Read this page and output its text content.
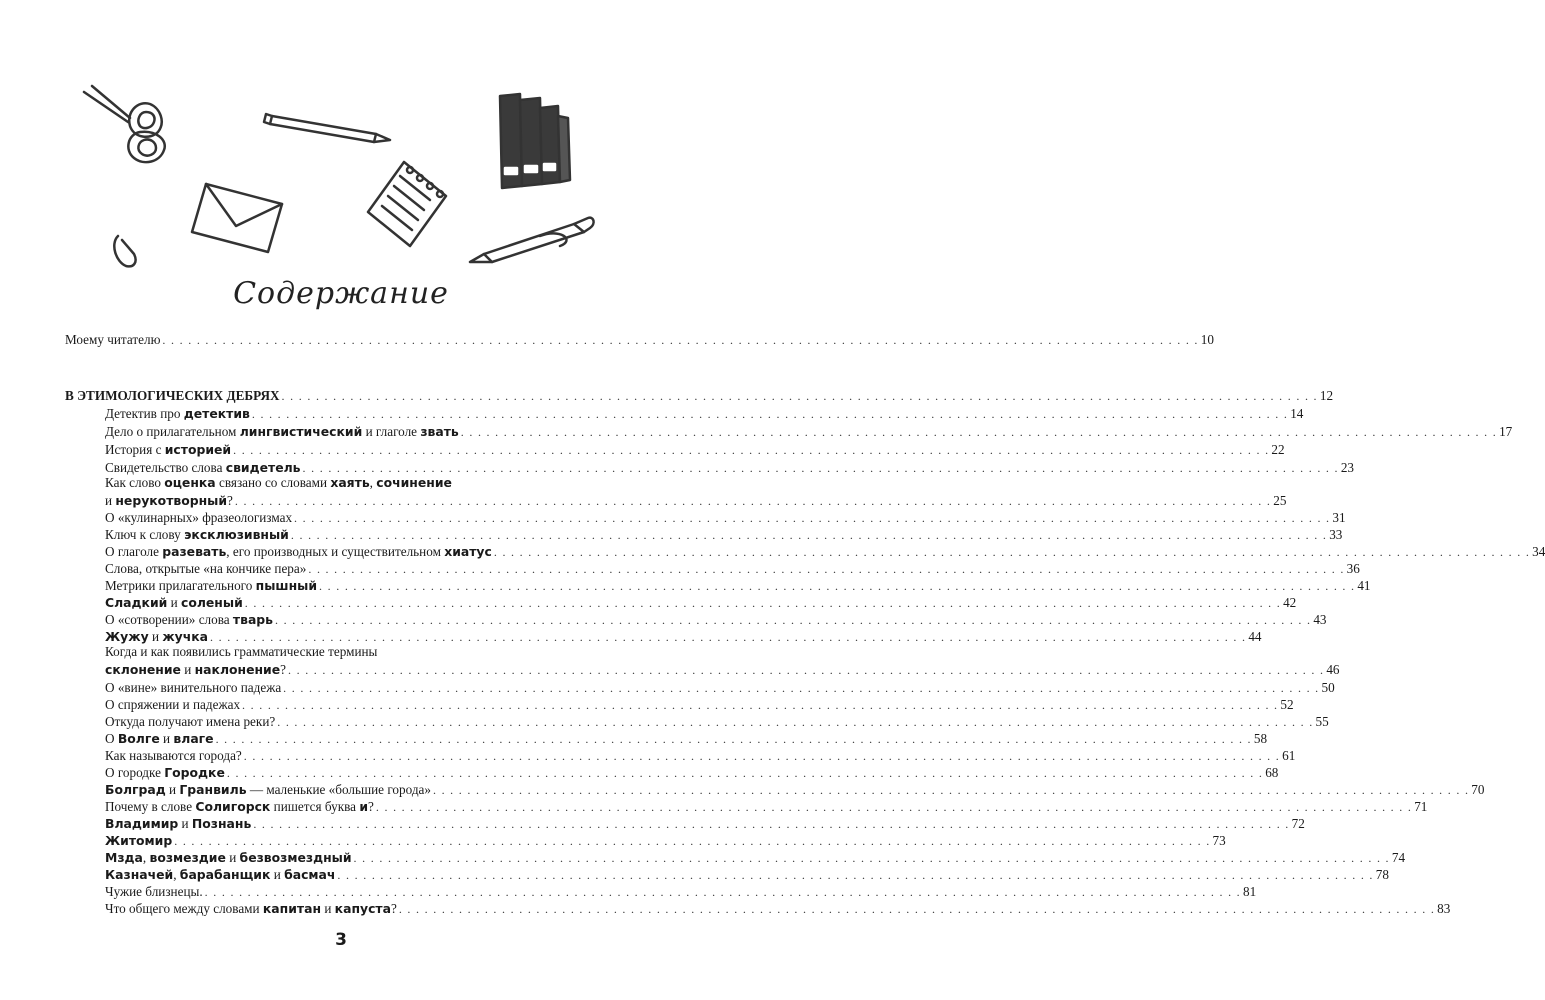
Содержание
Моему читателю . . . . . . . . . . . . . . . . . . . . . . . . . . . . . . . . . . . . . . . . . . . . . . . . . . . . . . . . . . . . . . . . . . . . . . . . . . . . . . . . . . . . . . . . . . . . . . . . . . . . . . . . . . . . . . . . . . . . . . . . . 10
В ЭТИМОЛОГИЧЕСКИХ ДЕБРЯХ . . . . . . . . . . . . . . . . . . . . . . . . . . . . . . . . . . . . . . . . . . . . . . . . . . . . . . . . . . . . . . . . . . . . . . . . . . . . . . . . . . . . . . . . . . . . . . . . . . . . . . . . . . . . . . . . . . . . . . . . . 12
Детектив про детектив . . . . . . . . . . . . . . . . . . . . . . . . . . . . . . . . . . . . . . . . . . . . . . . . . . . . . . . . . . . . . . . . . . . . . . . . . . . . . . . . . . . . . . . . . . . . . . . . . . . . . . . . . . . . . . . . . . . . . . . . . 14
Дело о прилагательном лингвистический и глаголе звать . . . . . . . . . . . . . . . . . . . . . . . . . . . . . . . . . . . . . . . . . . . . . . . . . . . . . . . . . . . . . . . . . . . . . . . . . . . . . . . . . . . . . . . . . . . . . . . . . . . . . . . . . . . . . . . . . . . . . . . . . 17
История с историей . . . . . . . . . . . . . . . . . . . . . . . . . . . . . . . . . . . . . . . . . . . . . . . . . . . . . . . . . . . . . . . . . . . . . . . . . . . . . . . . . . . . . . . . . . . . . . . . . . . . . . . . . . . . . . . . . . . . . . . . . 22
Свидетельство слова свидетель . . . . . . . . . . . . . . . . . . . . . . . . . . . . . . . . . . . . . . . . . . . . . . . . . . . . . . . . . . . . . . . . . . . . . . . . . . . . . . . . . . . . . . . . . . . . . . . . . . . . . . . . . . . . . . . . . . . . . . . . . 23
Как слово оценка связано со словами хаять, сочинение
и нерукотворный? . . . . . . . . . . . . . . . . . . . . . . . . . . . . . . . . . . . . . . . . . . . . . . . . . . . . . . . . . . . . . . . . . . . . . . . . . . . . . . . . . . . . . . . . . . . . . . . . . . . . . . . . . . . . . . . . . . . . . . . . . 25
О «кулинарных» фразеологизмах . . . . . . . . . . . . . . . . . . . . . . . . . . . . . . . . . . . . . . . . . . . . . . . . . . . . . . . . . . . . . . . . . . . . . . . . . . . . . . . . . . . . . . . . . . . . . . . . . . . . . . . . . . . . . . . . . . . . . . . . . 31
Ключ к слову эксклюзивный . . . . . . . . . . . . . . . . . . . . . . . . . . . . . . . . . . . . . . . . . . . . . . . . . . . . . . . . . . . . . . . . . . . . . . . . . . . . . . . . . . . . . . . . . . . . . . . . . . . . . . . . . . . . . . . . . . . . . . . . . 33
О глаголе разевать, его производных и существительном хиатус . . . . . . . . . . . . . . . . . . . . . . . . . . . . . . . . . . . . . . . . . . . . . . . . . . . . . . . . . . . . . . . . . . . . . . . . . . . . . . . . . . . . . . . . . . . . . . . . . . . . . . . . . . . . . . . . . . . . . . . . . 34
Слова, открытые «на кончике пера» . . . . . . . . . . . . . . . . . . . . . . . . . . . . . . . . . . . . . . . . . . . . . . . . . . . . . . . . . . . . . . . . . . . . . . . . . . . . . . . . . . . . . . . . . . . . . . . . . . . . . . . . . . . . . . . . . . . . . . . . . 36
Метрики прилагательного пышный . . . . . . . . . . . . . . . . . . . . . . . . . . . . . . . . . . . . . . . . . . . . . . . . . . . . . . . . . . . . . . . . . . . . . . . . . . . . . . . . . . . . . . . . . . . . . . . . . . . . . . . . . . . . . . . . . . . . . . . . . 41
Сладкий и соленый . . . . . . . . . . . . . . . . . . . . . . . . . . . . . . . . . . . . . . . . . . . . . . . . . . . . . . . . . . . . . . . . . . . . . . . . . . . . . . . . . . . . . . . . . . . . . . . . . . . . . . . . . . . . . . . . . . . . . . . . . 42
О «сотворении» слова тварь . . . . . . . . . . . . . . . . . . . . . . . . . . . . . . . . . . . . . . . . . . . . . . . . . . . . . . . . . . . . . . . . . . . . . . . . . . . . . . . . . . . . . . . . . . . . . . . . . . . . . . . . . . . . . . . . . . . . . . . . . 43
Жужу и жучка . . . . . . . . . . . . . . . . . . . . . . . . . . . . . . . . . . . . . . . . . . . . . . . . . . . . . . . . . . . . . . . . . . . . . . . . . . . . . . . . . . . . . . . . . . . . . . . . . . . . . . . . . . . . . . . . . . . . . . . . . 44
Когда и как появились грамматические термины
склонение и наклонение? . . . . . . . . . . . . . . . . . . . . . . . . . . . . . . . . . . . . . . . . . . . . . . . . . . . . . . . . . . . . . . . . . . . . . . . . . . . . . . . . . . . . . . . . . . . . . . . . . . . . . . . . . . . . . . . . . . . . . . . . . 46
О «вине» винительного падежа . . . . . . . . . . . . . . . . . . . . . . . . . . . . . . . . . . . . . . . . . . . . . . . . . . . . . . . . . . . . . . . . . . . . . . . . . . . . . . . . . . . . . . . . . . . . . . . . . . . . . . . . . . . . . . . . . . . . . . . . . 50
О спряжении и падежах . . . . . . . . . . . . . . . . . . . . . . . . . . . . . . . . . . . . . . . . . . . . . . . . . . . . . . . . . . . . . . . . . . . . . . . . . . . . . . . . . . . . . . . . . . . . . . . . . . . . . . . . . . . . . . . . . . . . . . . . . 52
Откуда получают имена реки? . . . . . . . . . . . . . . . . . . . . . . . . . . . . . . . . . . . . . . . . . . . . . . . . . . . . . . . . . . . . . . . . . . . . . . . . . . . . . . . . . . . . . . . . . . . . . . . . . . . . . . . . . . . . . . . . . . . . . . . . . 55
О Волге и влаге . . . . . . . . . . . . . . . . . . . . . . . . . . . . . . . . . . . . . . . . . . . . . . . . . . . . . . . . . . . . . . . . . . . . . . . . . . . . . . . . . . . . . . . . . . . . . . . . . . . . . . . . . . . . . . . . . . . . . . . . . 58
Как называются города? . . . . . . . . . . . . . . . . . . . . . . . . . . . . . . . . . . . . . . . . . . . . . . . . . . . . . . . . . . . . . . . . . . . . . . . . . . . . . . . . . . . . . . . . . . . . . . . . . . . . . . . . . . . . . . . . . . . . . . . . . 61
О городке Городке . . . . . . . . . . . . . . . . . . . . . . . . . . . . . . . . . . . . . . . . . . . . . . . . . . . . . . . . . . . . . . . . . . . . . . . . . . . . . . . . . . . . . . . . . . . . . . . . . . . . . . . . . . . . . . . . . . . . . . . . . 68
Болград и Гранвиль — маленькие «большие города» . . . . . . . . . . . . . . . . . . . . . . . . . . . . . . . . . . . . . . . . . . . . . . . . . . . . . . . . . . . . . . . . . . . . . . . . . . . . . . . . . . . . . . . . . . . . . . . . . . . . . . . . . . . . . . . . . . . . . . . . . 70
Почему в слове Солигорск пишется буква и? . . . . . . . . . . . . . . . . . . . . . . . . . . . . . . . . . . . . . . . . . . . . . . . . . . . . . . . . . . . . . . . . . . . . . . . . . . . . . . . . . . . . . . . . . . . . . . . . . . . . . . . . . . . . . . . . . . . . . . . . . 71
Владимир и Познань . . . . . . . . . . . . . . . . . . . . . . . . . . . . . . . . . . . . . . . . . . . . . . . . . . . . . . . . . . . . . . . . . . . . . . . . . . . . . . . . . . . . . . . . . . . . . . . . . . . . . . . . . . . . . . . . . . . . . . . . . 72
Житомир . . . . . . . . . . . . . . . . . . . . . . . . . . . . . . . . . . . . . . . . . . . . . . . . . . . . . . . . . . . . . . . . . . . . . . . . . . . . . . . . . . . . . . . . . . . . . . . . . . . . . . . . . . . . . . . . . . . . . . . . . 73
Мзда, возмездие и безвозмездный . . . . . . . . . . . . . . . . . . . . . . . . . . . . . . . . . . . . . . . . . . . . . . . . . . . . . . . . . . . . . . . . . . . . . . . . . . . . . . . . . . . . . . . . . . . . . . . . . . . . . . . . . . . . . . . . . . . . . . . . . 74
Казначей, барабанщик и басмач . . . . . . . . . . . . . . . . . . . . . . . . . . . . . . . . . . . . . . . . . . . . . . . . . . . . . . . . . . . . . . . . . . . . . . . . . . . . . . . . . . . . . . . . . . . . . . . . . . . . . . . . . . . . . . . . . . . . . . . . . 78
Чужие близнецы. . . . . . . . . . . . . . . . . . . . . . . . . . . . . . . . . . . . . . . . . . . . . . . . . . . . . . . . . . . . . . . . . . . . . . . . . . . . . . . . . . . . . . . . . . . . . . . . . . . . . . . . . . . . . . . . . . . . . . . . . . 81
Что общего между словами капитан и капуста? . . . . . . . . . . . . . . . . . . . . . . . . . . . . . . . . . . . . . . . . . . . . . . . . . . . . . . . . . . . . . . . . . . . . . . . . . . . . . . . . . . . . . . . . . . . . . . . . . . . . . . . . . . . . . . . . . . . . . . . . . 83
3
